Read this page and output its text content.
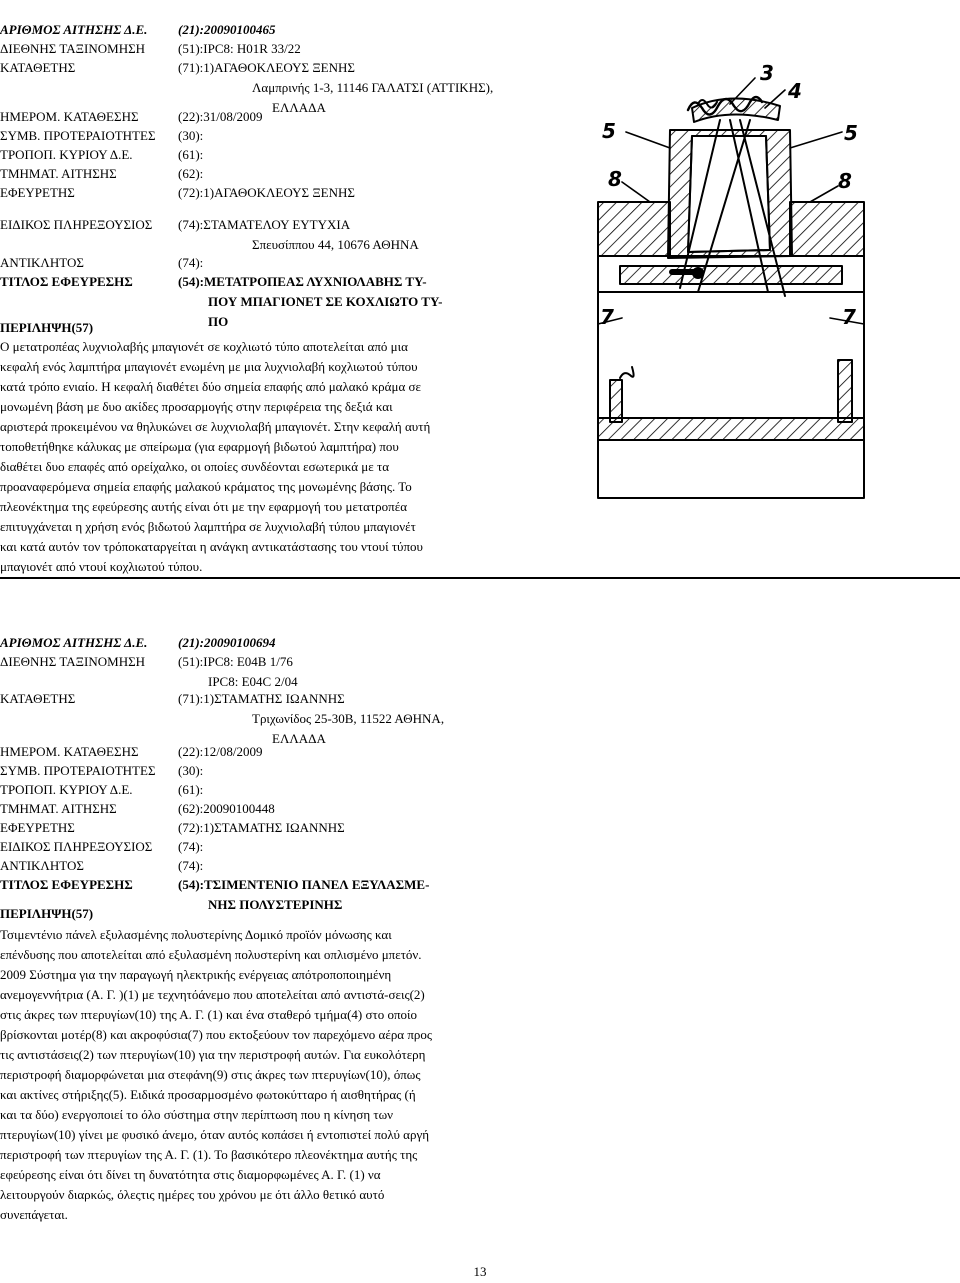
ΑΡΙΘΜΟΣ ΑΙΤΗΣΗΣ Δ.Ε. (21):20090100465
ΔΙΕΘΝΗΣ ΤΑΞΙΝΟΜΗΣΗ	(51):IPC8: H01R 33/22
ΚΑΤΑΘΕΤΗΣ	(71):1)ΑΓΑΘΟΚΛΕΟΥΣ ΞΕΝΗΣ
Λαμπρινής 1-3, 11146 ΓΑΛΑΤΣΙ (ΑΤΤΙΚΗΣ),
ΕΛΛΑΔΑ
ΗΜΕΡΟΜ. ΚΑΤΑΘΕΣΗΣ	(22):31/08/2009
ΣΥΜΒ. ΠΡΟΤΕΡΑΙΟΤΗΤΕΣ (30):
ΤΡΟΠΟΠ. ΚΥΡΙΟΥ Δ.Ε.	(61):
ΤΜΗΜΑΤ. ΑΙΤΗΣΗΣ	(62):
ΕΦΕΥΡΕΤΗΣ	(72):1)ΑΓΑΘΟΚΛΕΟΥΣ ΞΕΝΗΣ
ΕΙΔΙΚΟΣ ΠΛΗΡΕΞΟΥΣΙΟΣ (74):ΣΤΑΜΑΤΕΛΟΥ ΕΥΤΥΧΙΑ
Σπευσίππου 44, 10676 ΑΘΗΝΑ
ΑΝΤΙΚΛΗΤΟΣ	(74):
ΤΙΤΛΟΣ ΕΦΕΥΡΕΣΗΣ	(54):ΜΕΤΑΤΡΟΠΕΑΣ ΛΥΧΝΙΟΛΑΒΗΣ ΤΥ-
ΠΟΥ ΜΠΑΓΙΟΝΕΤ ΣΕ ΚΟΧΛΙΩΤΟ ΤΥ-
ΠΟ
ΠΕΡΙΛΗΨΗ(57)
Ο μετατροπέας λυχνιολαβής μπαγιονέτ σε κοχλιωτό τύπο αποτελείται από μια
κεφαλή ενός λαμπτήρα μπαγιονέτ ενωμένη με μια λυχνιολαβή κοχλιωτού τύπου
κατά τρόπο ενιαίο. Η κεφαλή διαθέτει δύο σημεία επαφής από μαλακό κράμα σε
μονωμένη βάση με δυο ακίδες προσαρμογής στην περιφέρεια της δεξιά και
αριστερά προκειμένου να θηλυκώνει σε λυχνιολαβή μπαγιονέτ. Στην κεφαλή αυτή
τοποθετήθηκε κάλυκας με σπείρωμα (για εφαρμογή βιδωτού λαμπτήρα) που
διαθέτει δυο επαφές από ορείχαλκο, οι οποίες συνδέονται εσωτερικά με τα
προαναφερόμενα σημεία επαφής μαλακού κράματος της μονωμένης βάσης. Το
πλεονέκτημα της εφεύρεσης αυτής είναι ότι με την εφαρμογή του μετατροπέα
επιτυγχάνεται η χρήση ενός βιδωτού λαμπτήρα σε λυχνιολαβή τύπου μπαγιονέτ
και κατά αυτόν τον τρόποκαταργείται η ανάγκη αντικατάστασης του ντουί τύπου
μπαγιονέτ από ντουί κοχλιωτού τύπου.
3
4
5	5
8	8
7	7
ΑΡΙΘΜΟΣ ΑΙΤΗΣΗΣ Δ.Ε. (21):20090100694
ΔΙΕΘΝΗΣ ΤΑΞΙΝΟΜΗΣΗ	(51):IPC8: E04B 1/76
IPC8: E04C 2/04
ΚΑΤΑΘΕΤΗΣ	(71):1)ΣΤΑΜΑΤΗΣ ΙΩΑΝΝΗΣ
Τριχωνίδος 25-30Β, 11522 ΑΘΗΝΑ,
ΕΛΛΑΔΑ
ΗΜΕΡΟΜ. ΚΑΤΑΘΕΣΗΣ	(22):12/08/2009
ΣΥΜΒ. ΠΡΟΤΕΡΑΙΟΤΗΤΕΣ (30):
ΤΡΟΠΟΠ. ΚΥΡΙΟΥ Δ.Ε.	(61):
ΤΜΗΜΑΤ. ΑΙΤΗΣΗΣ	(62):20090100448
ΕΦΕΥΡΕΤΗΣ	(72):1)ΣΤΑΜΑΤΗΣ ΙΩΑΝΝΗΣ
ΕΙΔΙΚΟΣ ΠΛΗΡΕΞΟΥΣΙΟΣ (74):
ΑΝΤΙΚΛΗΤΟΣ	(74):
ΤΙΤΛΟΣ ΕΦΕΥΡΕΣΗΣ	(54):ΤΣΙΜΕΝΤΕΝΙΟ ΠΑΝΕΛ ΕΞΥΛΑΣΜΕ-
ΝΗΣ ΠΟΛΥΣΤΕΡΙΝΗΣ
ΠΕΡΙΛΗΨΗ(57)
Τσιμεντένιο πάνελ εξυλασμένης πολυστερίνης Δομικό προϊόν μόνωσης και
επένδυσης που αποτελείται από εξυλασμένη πολυστερίνη και οπλισμένο μπετόν.
2009 Σύστημα για την παραγωγή ηλεκτρικής ενέργειας απότροποποιημένη
ανεμογεννήτρια (Α. Γ. )(1) με τεχνητόάνεμο που αποτελείται από αντιστά-σεις(2)
στις άκρες των πτερυγίων(10) της Α. Γ. (1) και ένα σταθερό τμήμα(4) στο οποίο
βρίσκονται μοτέρ(8) και ακροφύσια(7) που εκτοξεύουν τον παρεχόμενο αέρα προς
τις αντιστάσεις(2) των πτερυγίων(10) για την περιστροφή αυτών. Για ευκολότερη
περιστροφή διαμορφώνεται μια στεφάνη(9) στις άκρες των πτερυγίων(10), όπως
και ακτίνες στήριξης(5). Ειδικά προσαρμοσμένο φωτοκύτταρο ή αισθητήρας (ή
και τα δύο) ενεργοποιεί το όλο σύστημα στην περίπτωση που η κίνηση των
πτερυγίων(10) γίνει με φυσικό άνεμο, όταν αυτός κοπάσει ή εντοπιστεί πολύ αργή
περιστροφή των πτερυγίων της Α. Γ. (1). Το βασικότερο πλεονέκτημα αυτής της
εφεύρεσης είναι ότι δίνει τη δυνατότητα στις διαμορφωμένες Α. Γ. (1) να
λειτουργούν διαρκώς, όλεςτις ημέρες του χρόνου με ότι άλλο θετικό αυτό
συνεπάγεται.
13
